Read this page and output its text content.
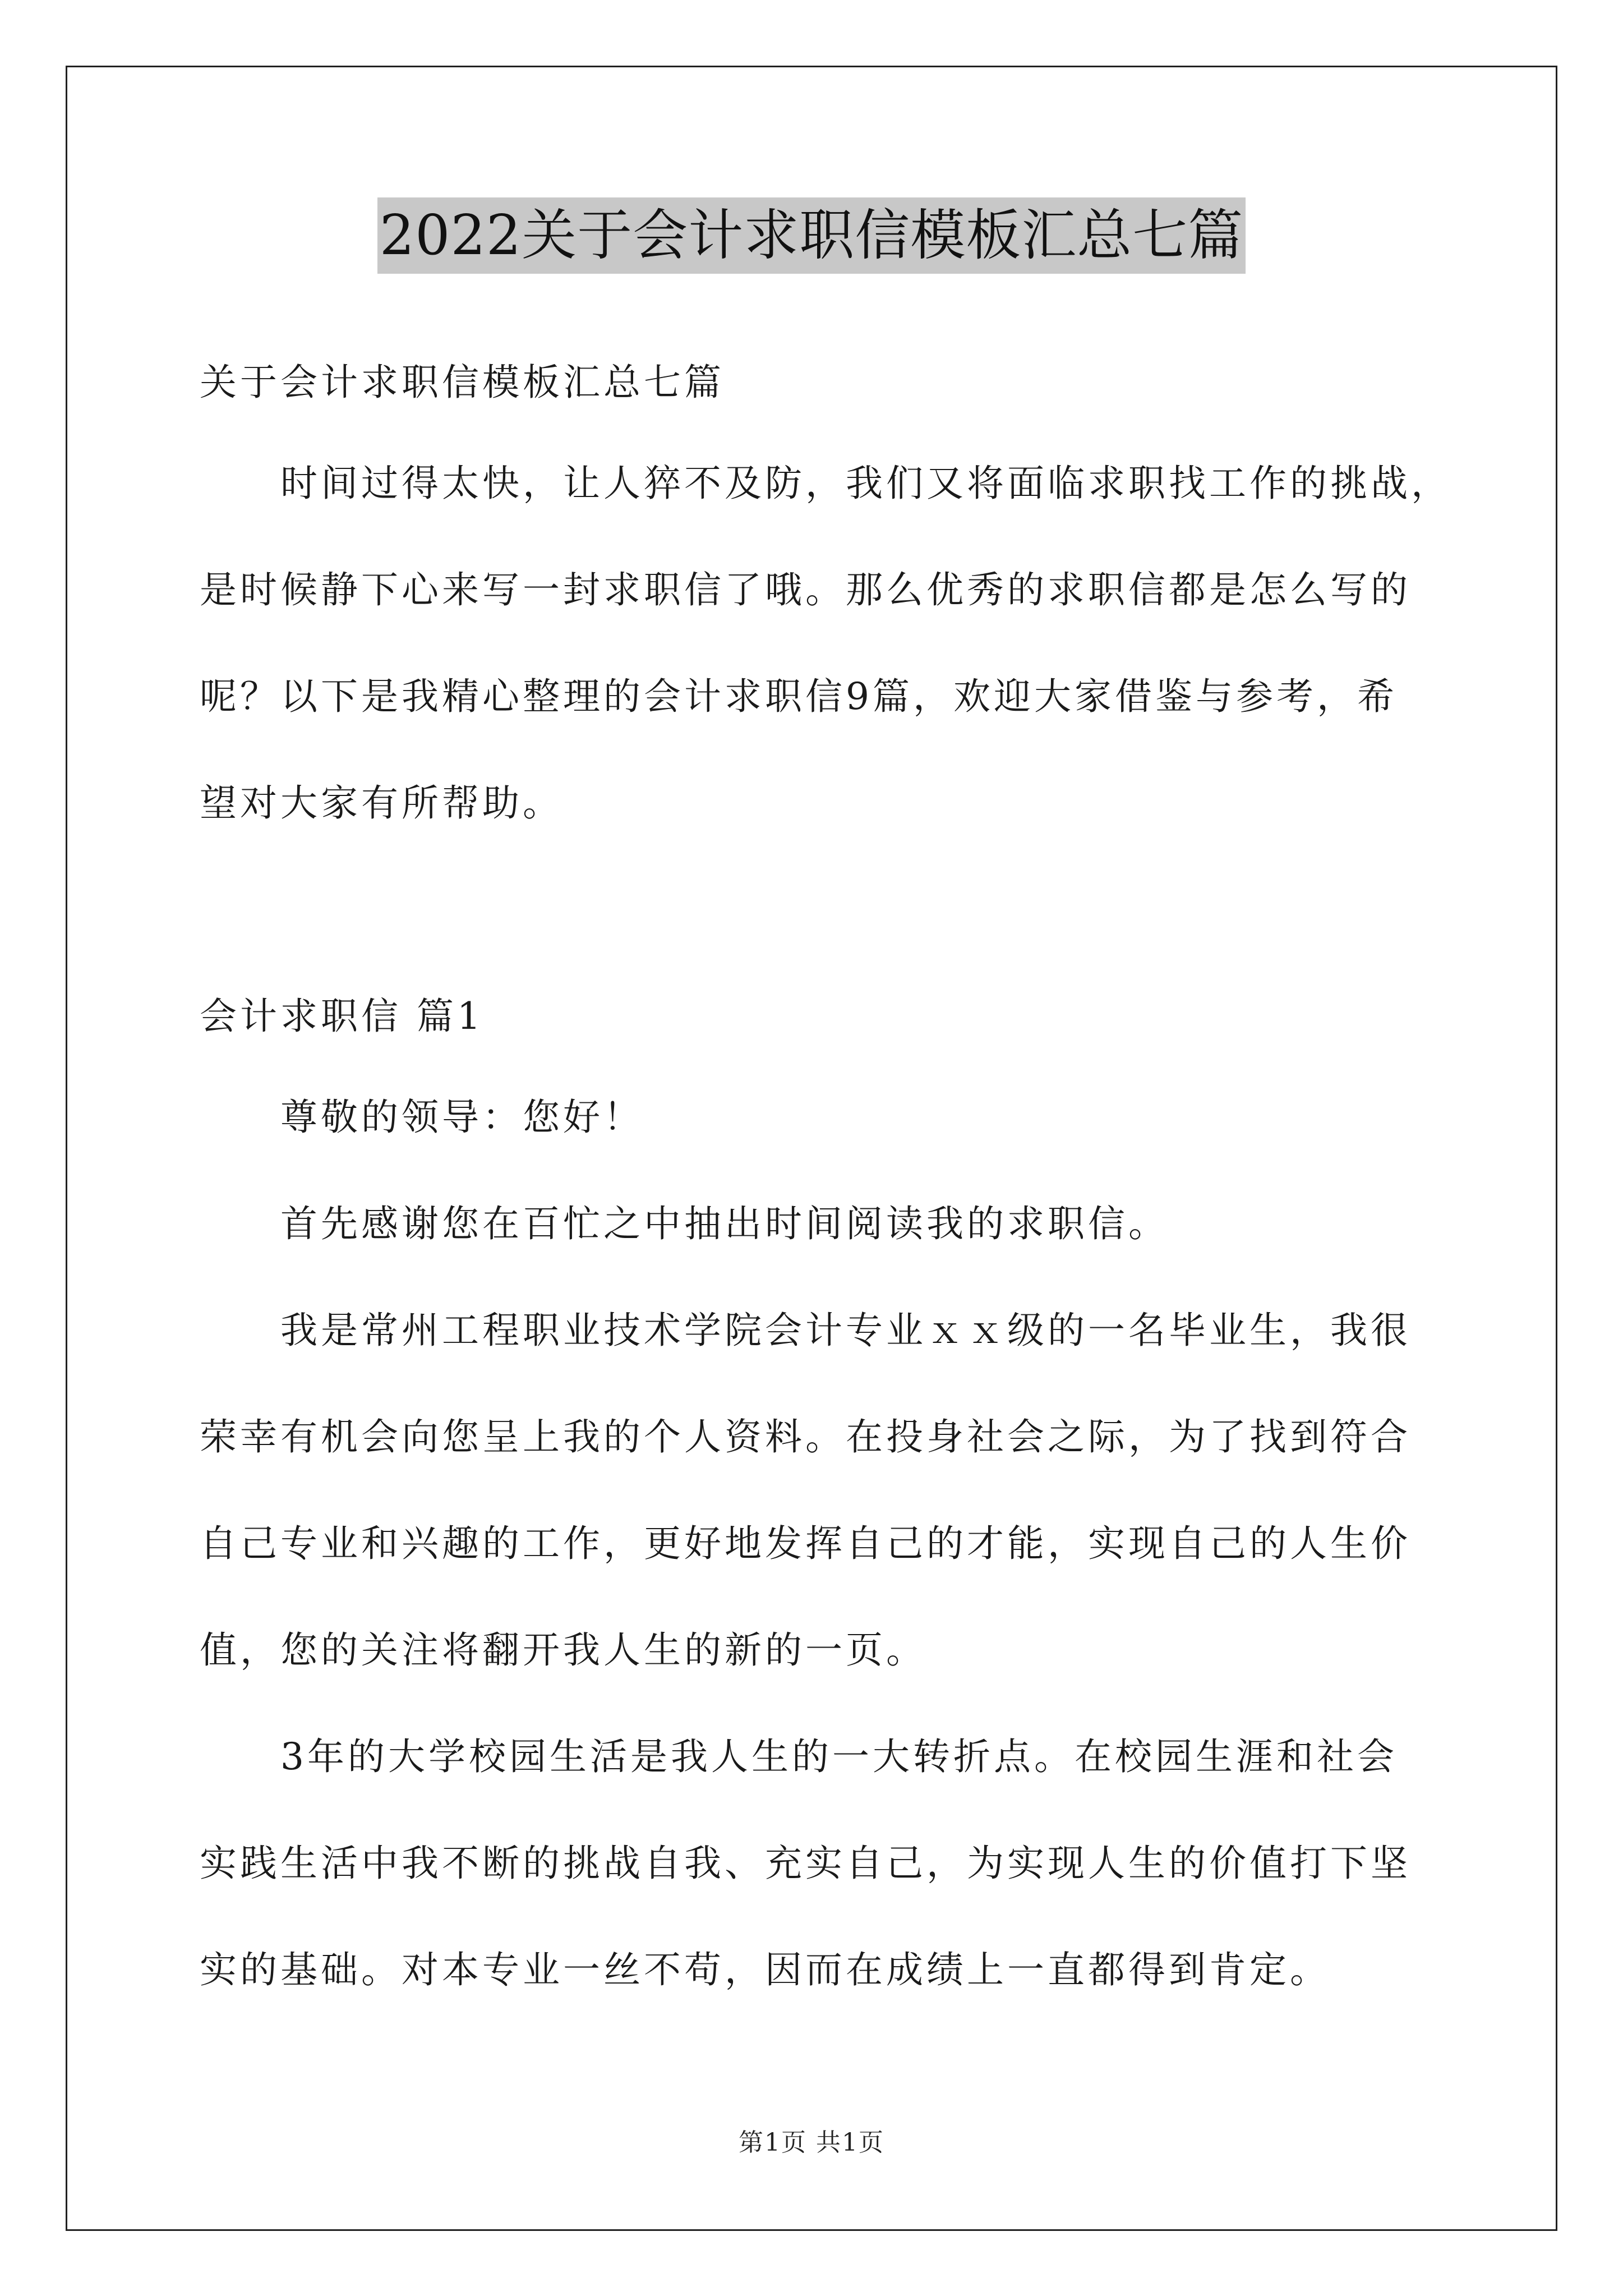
2022关于会计求职信模板汇总七篇
关于会计求职信模板汇总七篇
时间过得太快，让人猝不及防，我们又将面临求职找工作的挑战，
是时候静下心来写一封求职信了哦。那么优秀的求职信都是怎么写的
呢？以下是我精心整理的会计求职信9篇，欢迎大家借鉴与参考，希
望对大家有所帮助。
会计求职信 篇1
尊敬的领导：您好！
首先感谢您在百忙之中抽出时间阅读我的求职信。
我是常州工程职业技术学院会计专业ｘｘ级的一名毕业生，我很
荣幸有机会向您呈上我的个人资料。在投身社会之际，为了找到符合
自己专业和兴趣的工作，更好地发挥自己的才能，实现自己的人生价
值，您的关注将翻开我人生的新的一页。
3年的大学校园生活是我人生的一大转折点。在校园生涯和社会
实践生活中我不断的挑战自我、充实自己，为实现人生的价值打下坚
实的基础。对本专业一丝不苟，因而在成绩上一直都得到肯定。
第1页 共1页
